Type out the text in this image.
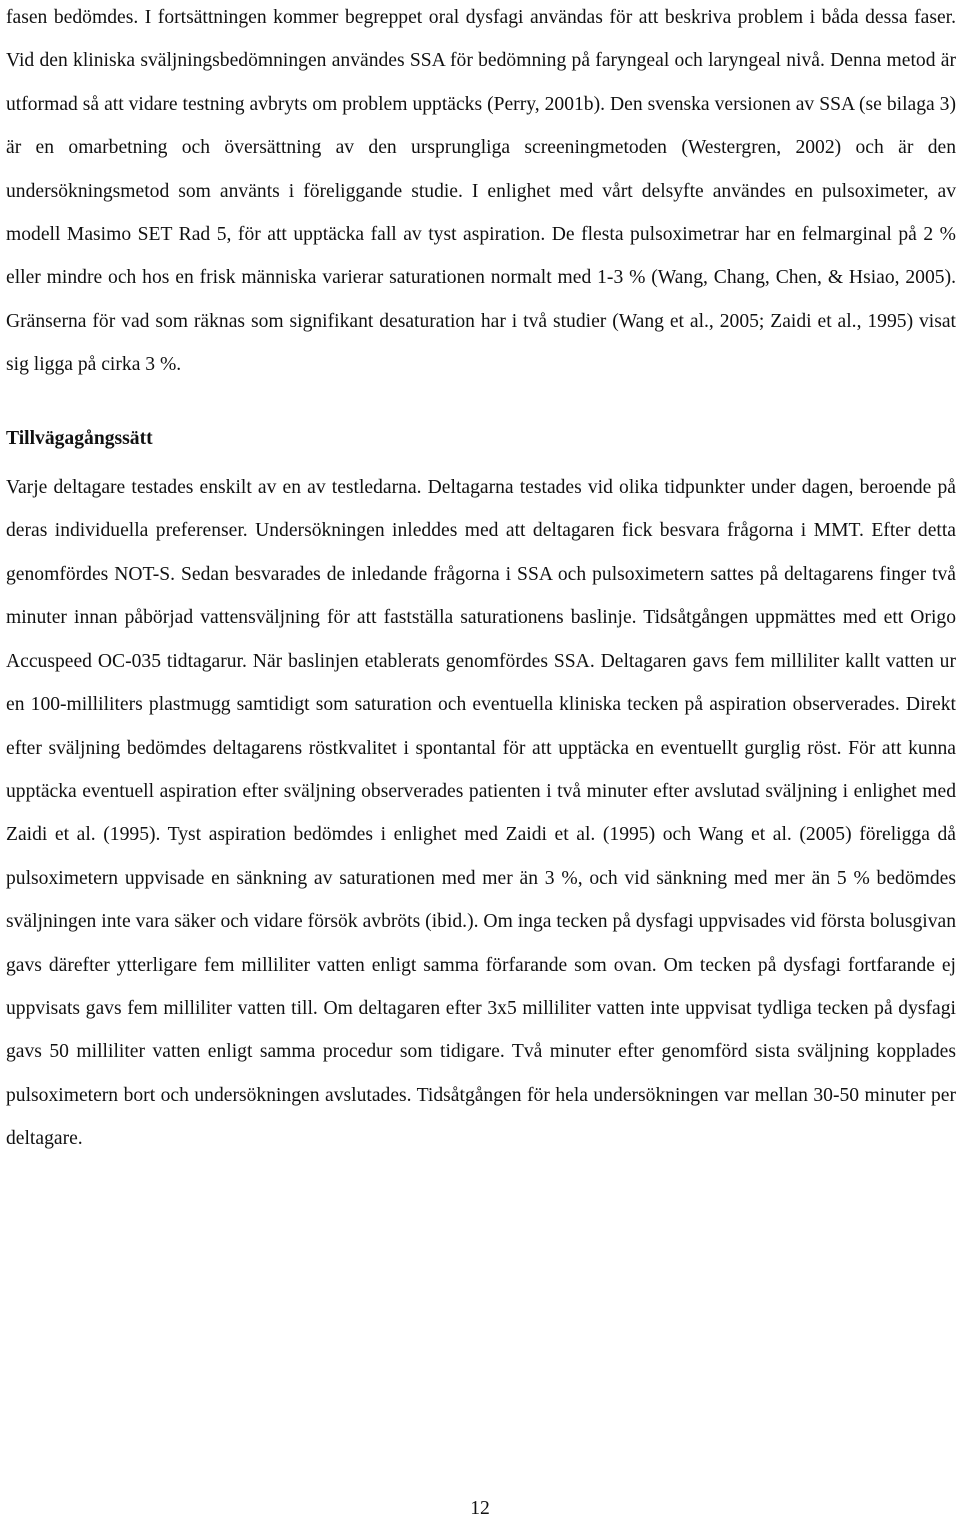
fasen bedömdes. I fortsättningen kommer begreppet oral dysfagi användas för att beskriva problem i båda dessa faser. Vid den kliniska sväljningsbedömningen användes SSA för bedömning på faryngeal och laryngeal nivå. Denna metod är utformad så att vidare testning avbryts om problem upptäcks (Perry, 2001b). Den svenska versionen av SSA (se bilaga 3) är en omarbetning och översättning av den ursprungliga screeningmetoden (Westergren, 2002) och är den undersökningsmetod som använts i föreliggande studie. I enlighet med vårt delsyfte användes en pulsoximeter, av modell Masimo SET Rad 5, för att upptäcka fall av tyst aspiration. De flesta pulsoximetrar har en felmarginal på 2 % eller mindre och hos en frisk människa varierar saturationen normalt med 1-3 % (Wang, Chang, Chen, & Hsiao, 2005). Gränserna för vad som räknas som signifikant desaturation har i två studier (Wang et al., 2005; Zaidi et al., 1995) visat sig ligga på cirka 3 %.

Tillvägagångssätt

Varje deltagare testades enskilt av en av testledarna. Deltagarna testades vid olika tidpunkter under dagen, beroende på deras individuella preferenser. Undersökningen inleddes med att deltagaren fick besvara frågorna i MMT. Efter detta genomfördes NOT-S. Sedan besvarades de inledande frågorna i SSA och pulsoximetern sattes på deltagarens finger två minuter innan påbörjad vattensväljning för att fastställa saturationens baslinje. Tidsåtgången uppmättes med ett Origo Accuspeed OC-035 tidtagarur. När baslinjen etablerats genomfördes SSA. Deltagaren gavs fem milliliter kallt vatten ur en 100-milliliters plastmugg samtidigt som saturation och eventuella kliniska tecken på aspiration observerades. Direkt efter sväljning bedömdes deltagarens röstkvalitet i spontantal för att upptäcka en eventuellt gurglig röst. För att kunna upptäcka eventuell aspiration efter sväljning observerades patienten i två minuter efter avslutad sväljning i enlighet med Zaidi et al. (1995). Tyst aspiration bedömdes i enlighet med Zaidi et al. (1995) och Wang et al. (2005) föreligga då pulsoximetern uppvisade en sänkning av saturationen med mer än 3 %, och vid sänkning med mer än 5 % bedömdes sväljningen inte vara säker och vidare försök avbröts (ibid.). Om inga tecken på dysfagi uppvisades vid första bolusgivan gavs därefter ytterligare fem milliliter vatten enligt samma förfarande som ovan. Om tecken på dysfagi fortfarande ej uppvisats gavs fem milliliter vatten till. Om deltagaren efter 3x5 milliliter vatten inte uppvisat tydliga tecken på dysfagi gavs 50 milliliter vatten enligt samma procedur som tidigare. Två minuter efter genomförd sista sväljning kopplades pulsoximetern bort och undersökningen avslutades. Tidsåtgången för hela undersökningen var mellan 30-50 minuter per deltagare.

12
